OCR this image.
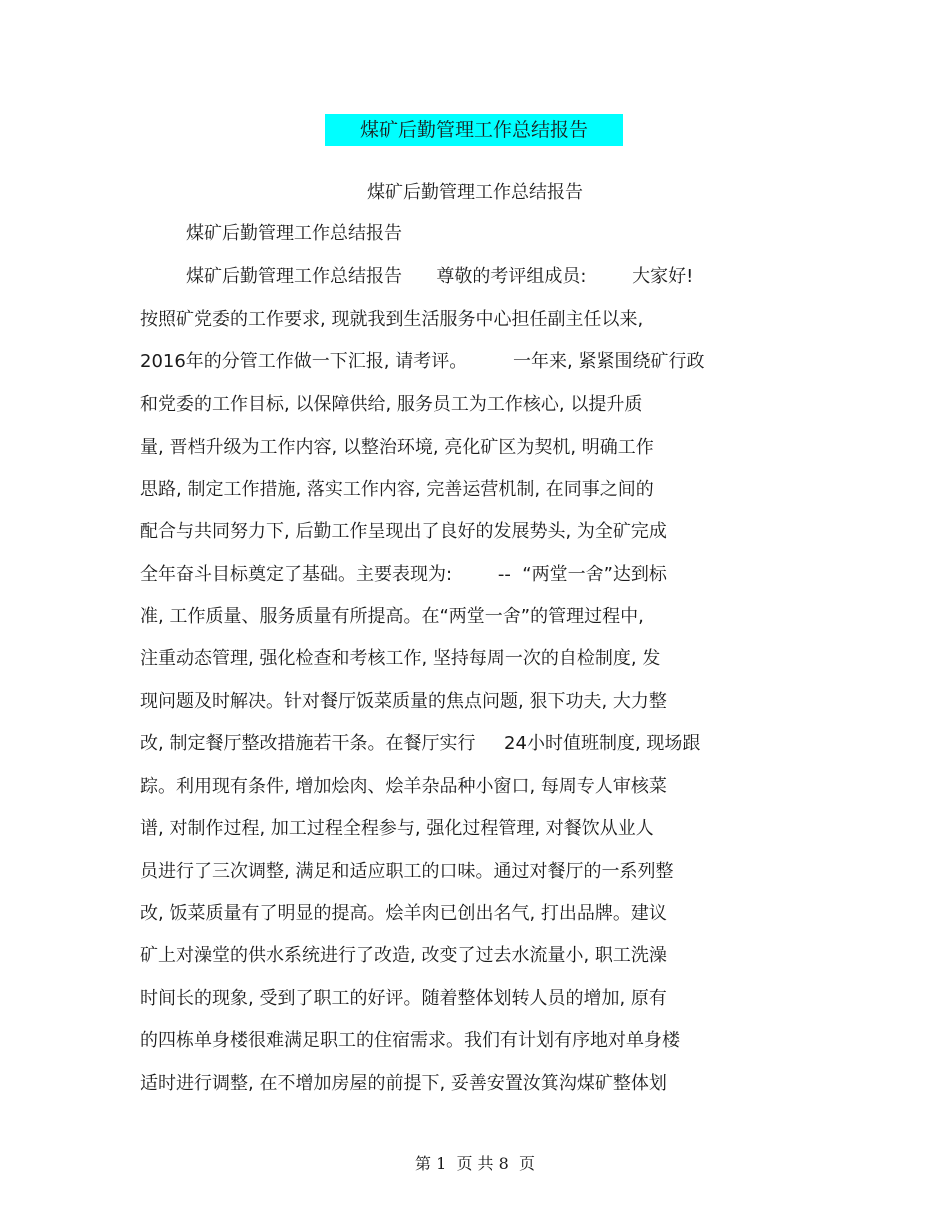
煤矿后勤管理工作总结报告
煤矿后勤管理工作总结报告
煤矿后勤管理工作总结报告
煤矿后勤管理工作总结报告      尊敬的考评组成员:        大家好!
按照矿党委的工作要求, 现就我到生活服务中心担任副主任以来,
2016年的分管工作做一下汇报, 请考评。        一年来, 紧紧围绕矿行政
和党委的工作目标, 以保障供给, 服务员工为工作核心, 以提升质
量, 晋档升级为工作内容, 以整治环境, 亮化矿区为契机, 明确工作
思路, 制定工作措施, 落实工作内容, 完善运营机制, 在同事之间的
配合与共同努力下, 后勤工作呈现出了良好的发展势头, 为全矿完成
全年奋斗目标奠定了基础。主要表现为:        --  “两堂一舍”达到标
准, 工作质量、服务质量有所提高。在“两堂一舍”的管理过程中,
注重动态管理, 强化检查和考核工作, 坚持每周一次的自检制度, 发
现问题及时解决。针对餐厅饭菜质量的焦点问题, 狠下功夫, 大力整
改, 制定餐厅整改措施若干条。在餐厅实行     24小时值班制度, 现场跟
踪。利用现有条件, 增加烩肉、烩羊杂品种小窗口, 每周专人审核菜
谱, 对制作过程, 加工过程全程参与, 强化过程管理, 对餐饮从业人
员进行了三次调整, 满足和适应职工的口味。通过对餐厅的一系列整
改, 饭菜质量有了明显的提高。烩羊肉已创出名气, 打出品牌。建议
矿上对澡堂的供水系统进行了改造, 改变了过去水流量小, 职工洗澡
时间长的现象, 受到了职工的好评。随着整体划转人员的增加, 原有
的四栋单身楼很难满足职工的住宿需求。我们有计划有序地对单身楼
适时进行调整, 在不增加房屋的前提下, 妥善安置汝箕沟煤矿整体划
第 1  页 共 8  页
